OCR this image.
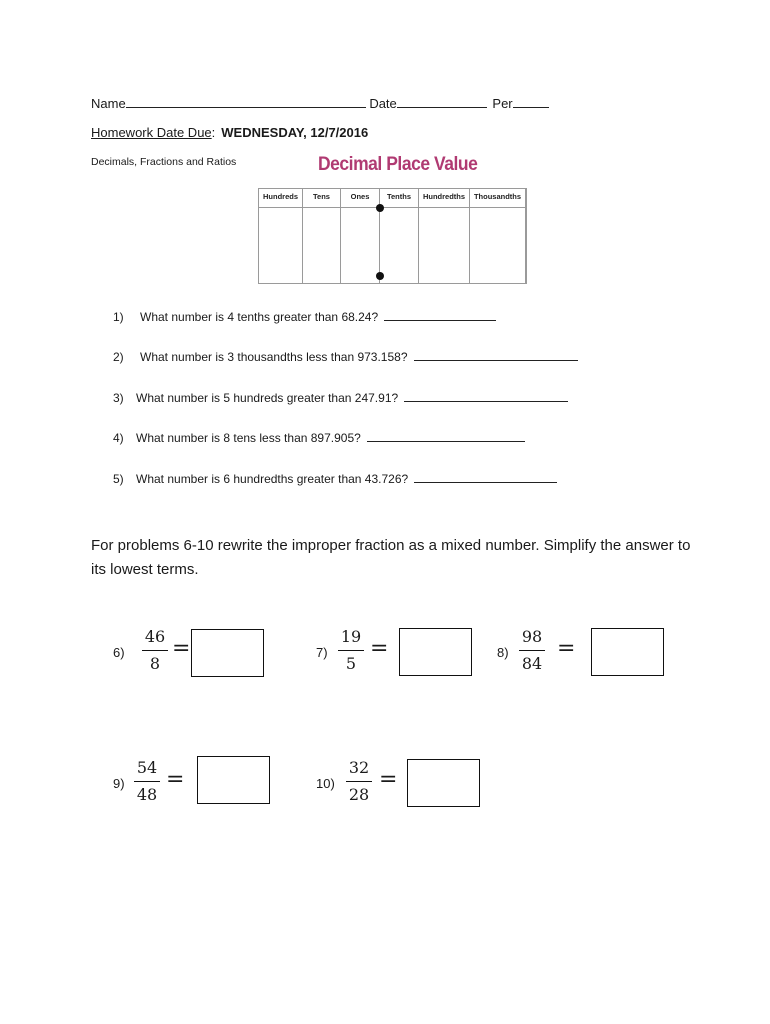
Name	Date	Per
Homework Date Due: WEDNESDAY, 12/7/2016
Decimals, Fractions and Ratios	Decimal Place Value
Hundreds	Tens	Ones	Tenths	Hundredths	Thousandths
1) What number is 4 tenths greater than 68.24?
2) What number is 3 thousandths less than 973.158?
3) What number is 5 hundreds greater than 247.91?
4) What number is 8 tens less than 897.905?
5) What number is 6 hundredths greater than 43.726?
For problems 6-10 rewrite the improper fraction as a mixed number. Simplify the answer to its lowest terms.
6)
46
8
=	7)
19
5
=	8)
98
84
=
9)
54
48
=	10)
32
28
=
